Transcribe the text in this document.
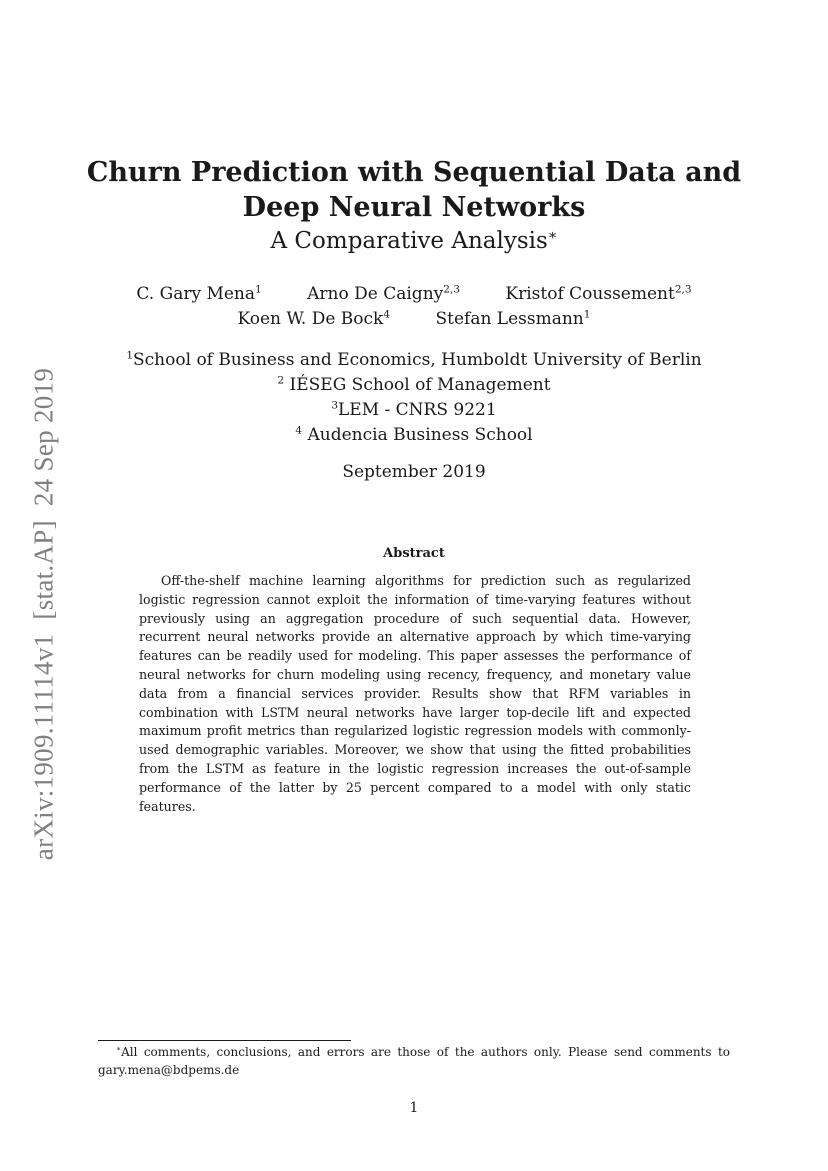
arXiv:1909.11114v1[stat.AP]24 Sep 2019
Churn Prediction with Sequential Data and
Deep Neural Networks
A Comparative Analysis∗
C. Gary Mena$^1$	Arno De Caigny$^{2,3}$	Kristof Coussement$^{2,3}$
Koen W. De Bock$^4$	Stefan Lessmann$^1$
$^1$School of Business and Economics, Humboldt University of Berlin
$^2$ IÉSEG School of Management
$^3$LEM - CNRS 9221
$^4$ Audencia Business School
September 2019
Abstract

Off-the-shelf machine learning algorithms for prediction such as regularized logistic regression cannot exploit the information of time-varying features without previously using an aggregation procedure of such sequential data. However, recurrent neural networks provide an alternative approach by which time-varying features can be readily used for modeling. This paper assesses the performance of neural networks for churn modeling using recency, frequency, and monetary value data from a financial services provider. Results show that RFM variables in combination with LSTM neural networks have larger top-decile lift and expected maximum profit metrics than regularized logistic regression models with commonly-used demographic variables. Moreover, we show that using the fitted probabilities from the LSTM as feature in the logistic regression increases the out-of-sample performance of the latter by 25 percent compared to a model with only static features.

∗All comments, conclusions, and errors are those of the authors only. Please send comments to gary.mena@bdpems.de

1
